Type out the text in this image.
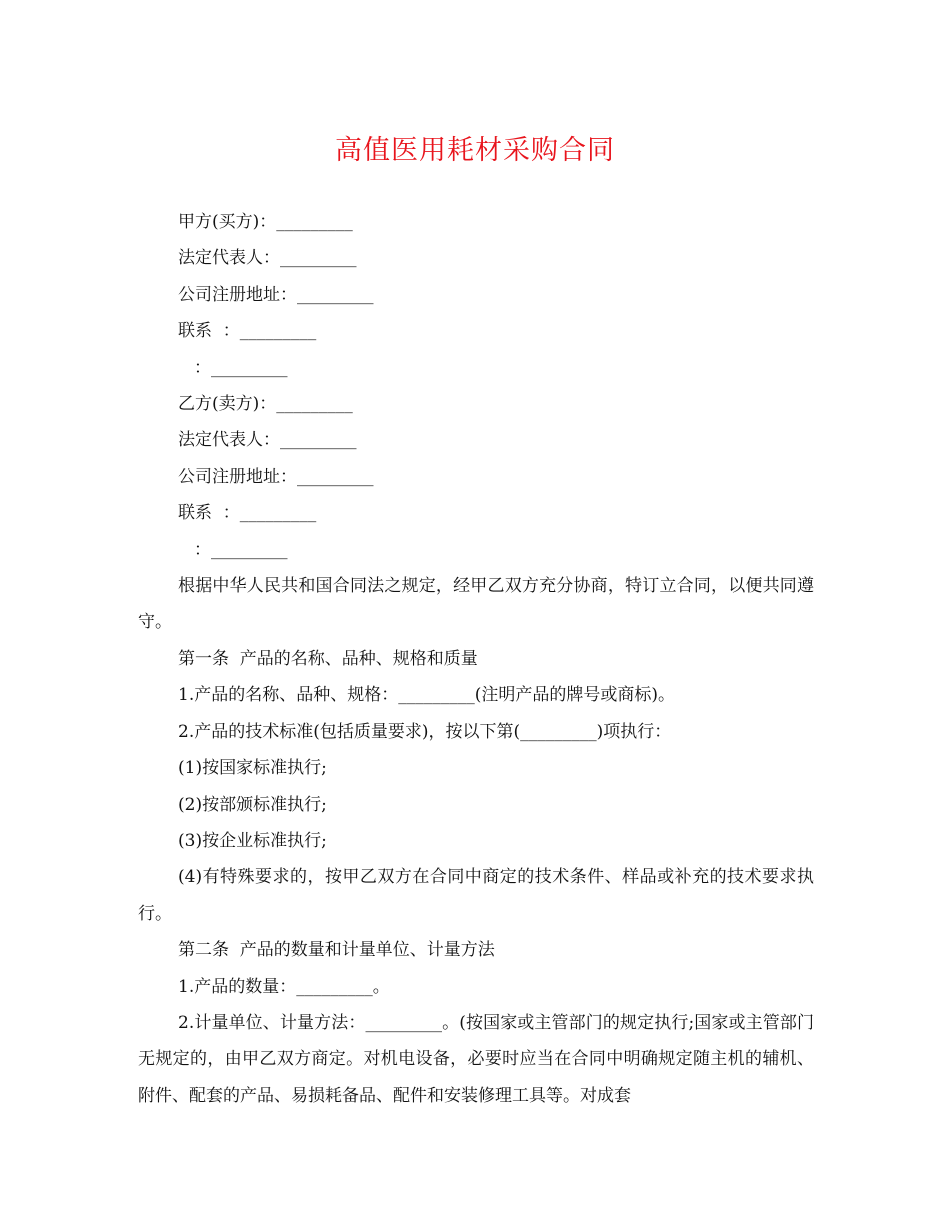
高值医用耗材采购合同

甲方(买方)：_________

法定代表人：_________

公司注册地址：_________

联系  ：_________

：_________

乙方(卖方)：_________

法定代表人：_________

公司注册地址：_________

联系  ：_________

：_________

根据中华人民共和国合同法之规定，经甲乙双方充分协商，特订立合同，以便共同遵守。

第一条  产品的名称、品种、规格和质量

1.产品的名称、品种、规格：_________(注明产品的牌号或商标)。

2.产品的技术标准(包括质量要求)，按以下第(_________)项执行：

(1)按国家标准执行;

(2)按部颁标准执行;

(3)按企业标准执行;

(4)有特殊要求的，按甲乙双方在合同中商定的技术条件、样品或补充的技术要求执行。

第二条  产品的数量和计量单位、计量方法

1.产品的数量：_________。

2.计量单位、计量方法：_________。(按国家或主管部门的规定执行;国家或主管部门无规定的，由甲乙双方商定。对机电设备，必要时应当在合同中明确规定随主机的辅机、附件、配套的产品、易损耗备品、配件和安装修理工具等。对成套
